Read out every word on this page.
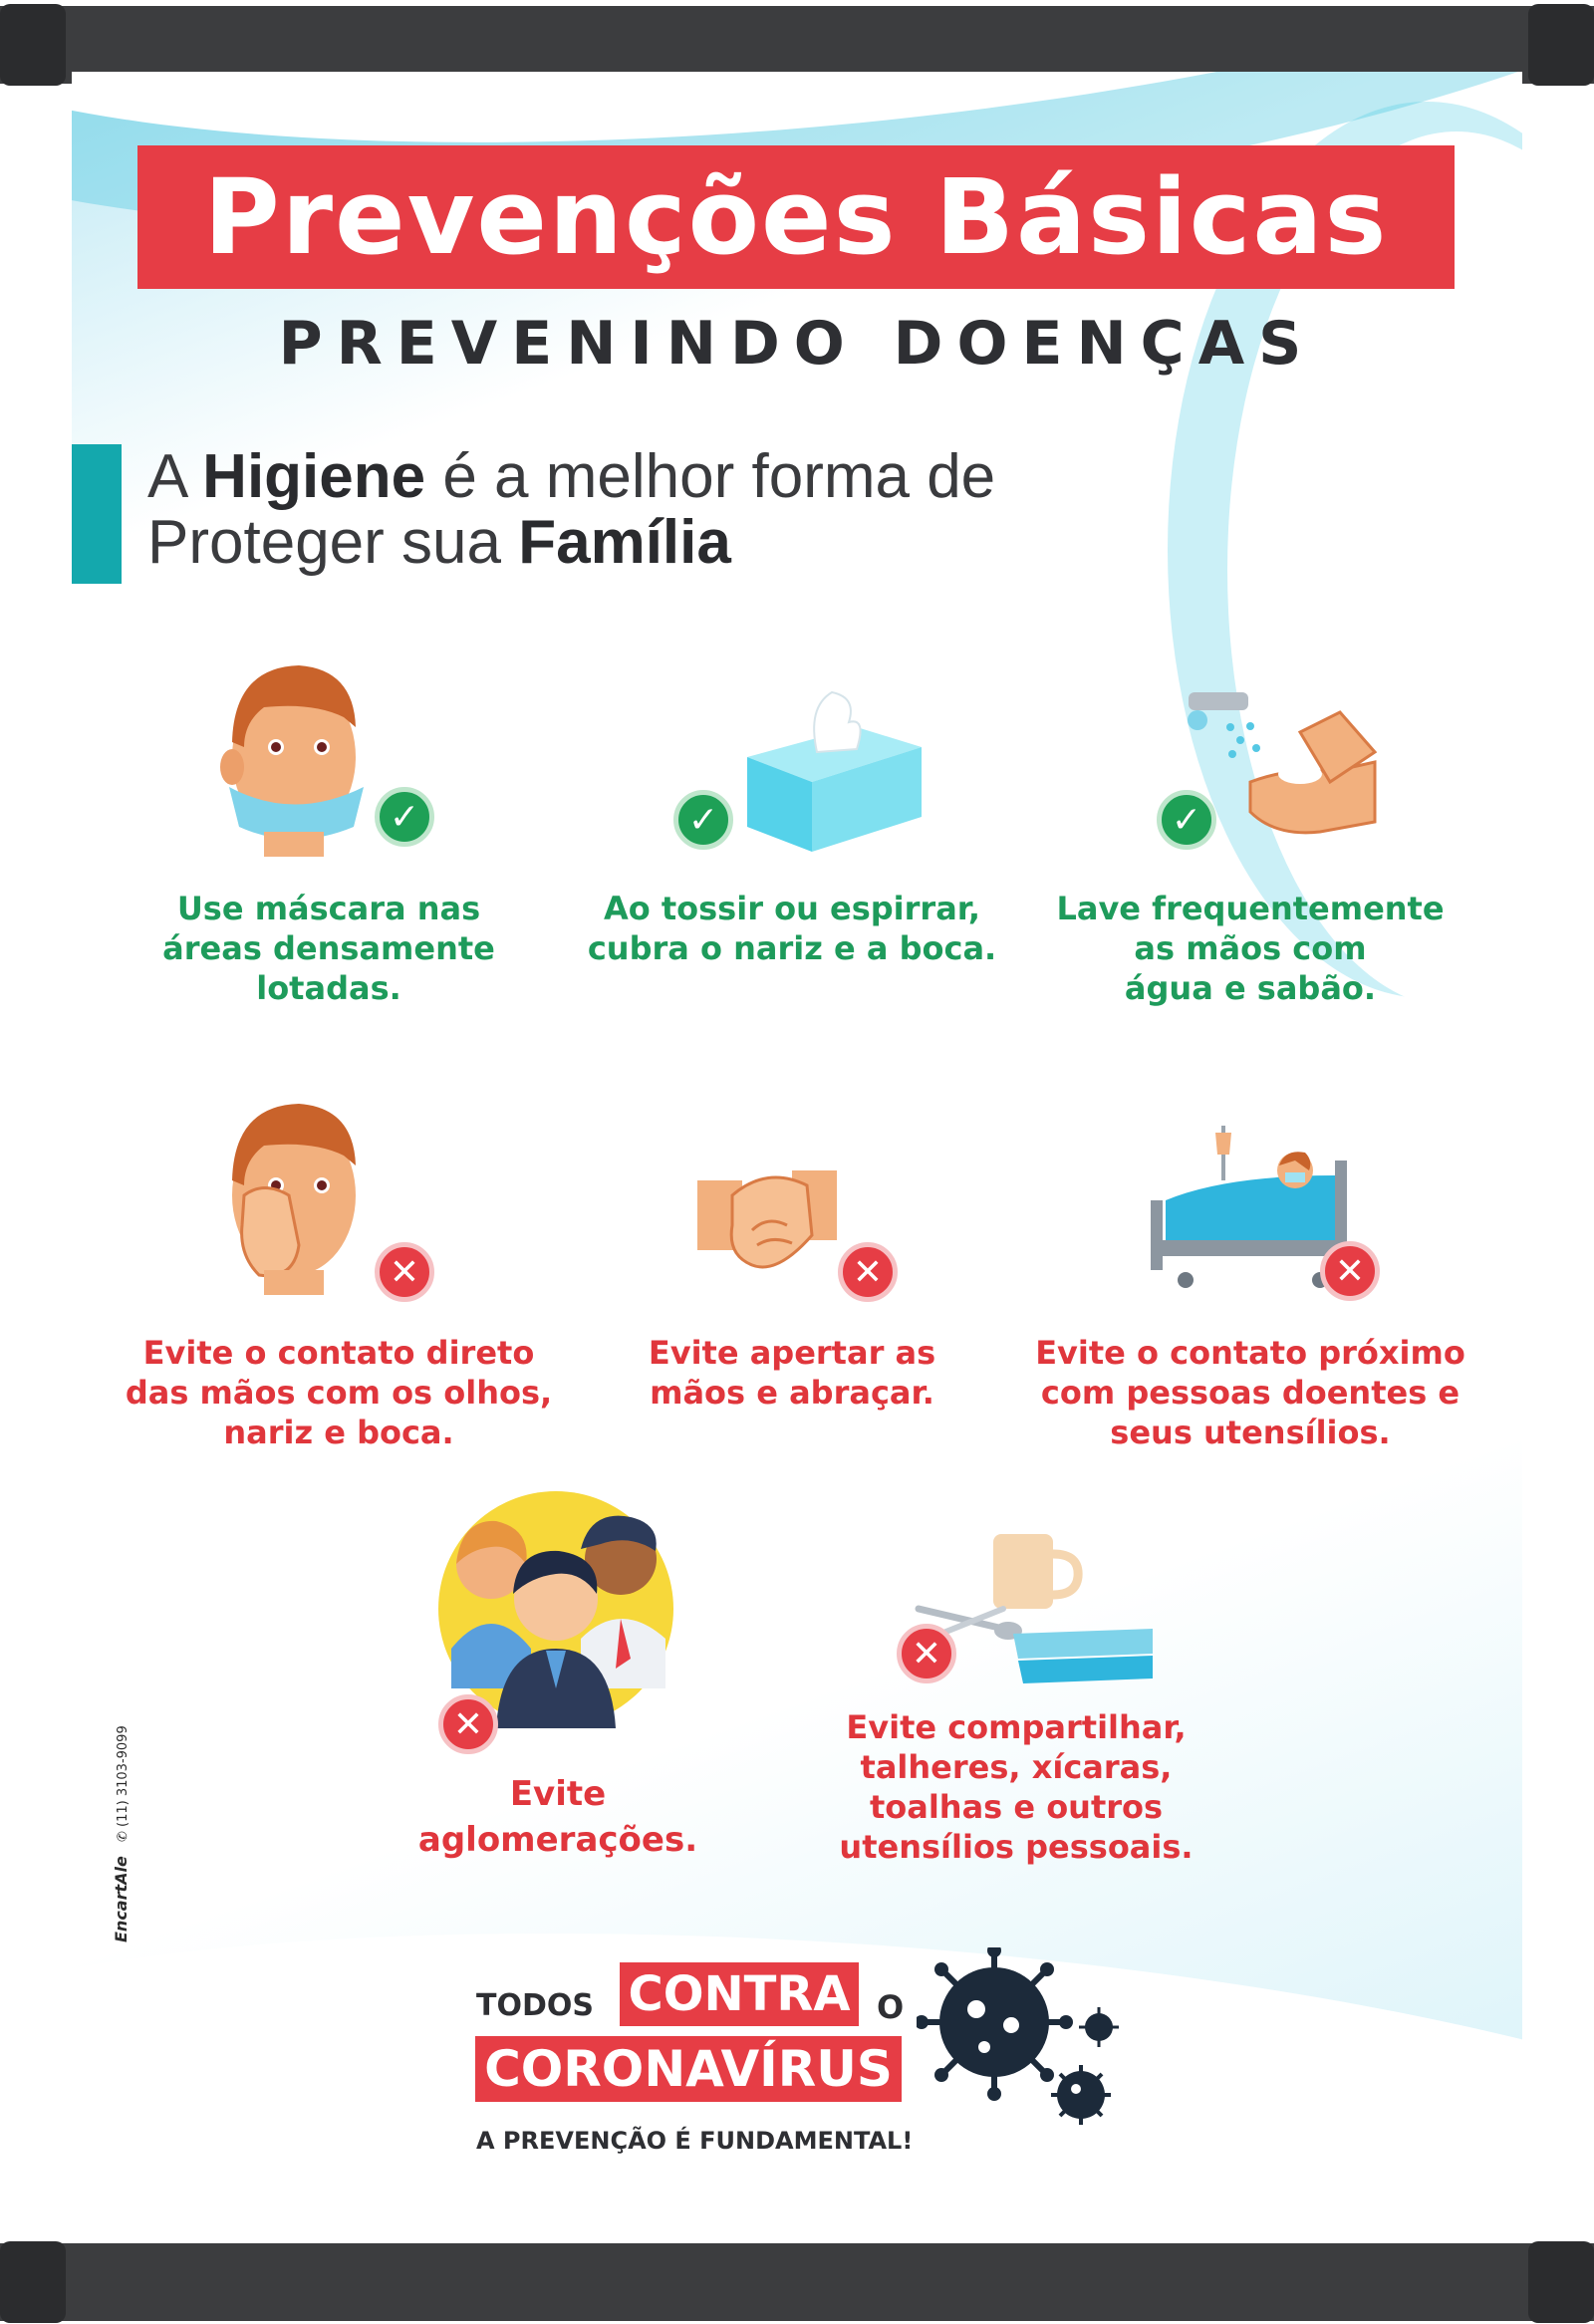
Prevenções Básicas
PREVENINDO DOENÇAS
A Higiene é a melhor forma de
Proteger sua Família
✓	✓	✓
Use máscara nas
áreas densamente
lotadas.
Ao tossir ou espirrar,
cubra o nariz e a boca.
Lave frequentemente
as mãos com
água e sabão.
✕	✕	✕
Evite o contato direto
das mãos com os olhos,
nariz e boca.
Evite apertar as
mãos e abraçar.
Evite o contato próximo
com pessoas doentes e
seus utensílios.
✕
✕
Evite
aglomerações.
Evite compartilhar,
talheres, xícaras,
toalhas e outros
utensílios pessoais.
TODOS CONTRA O
CORONAVÍRUS
A PREVENÇÃO É FUNDAMENTAL!
EncartAle ✆ (11) 3103-9099
